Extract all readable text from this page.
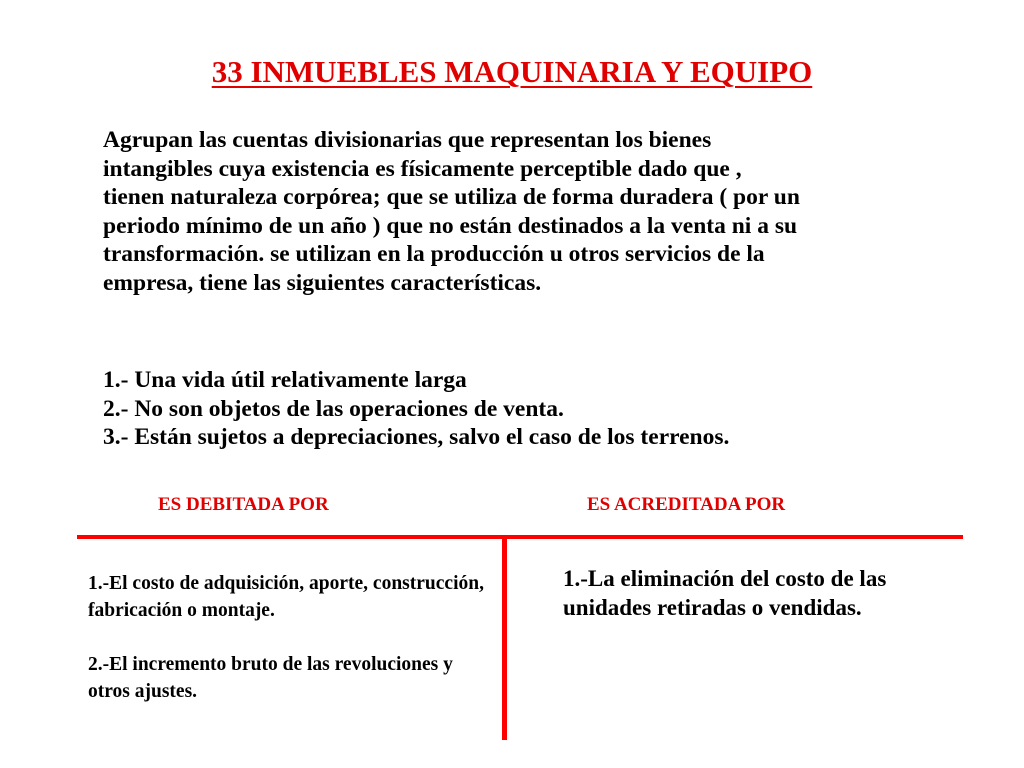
33 INMUEBLES MAQUINARIA Y EQUIPO

Agrupan las cuentas divisionarias que representan los bienes

intangibles cuya existencia es físicamente perceptible dado que ,

tienen naturaleza corpórea; que se utiliza de forma duradera ( por un

periodo mínimo de un año ) que no están destinados a la venta ni a su

transformación. se utilizan en la producción u otros servicios de la

empresa, tiene las siguientes características.

1.- Una vida útil relativamente larga

2.- No son objetos de las operaciones de venta.

3.- Están sujetos a depreciaciones, salvo el caso de los terrenos.

ES DEBITADA POR	ES ACREDITADA POR

1.-El costo de adquisición, aporte, construcción, fabricación o montaje.

2.-El incremento bruto de las revoluciones y otros ajustes.

1.-La eliminación del costo de las unidades retiradas o vendidas.
